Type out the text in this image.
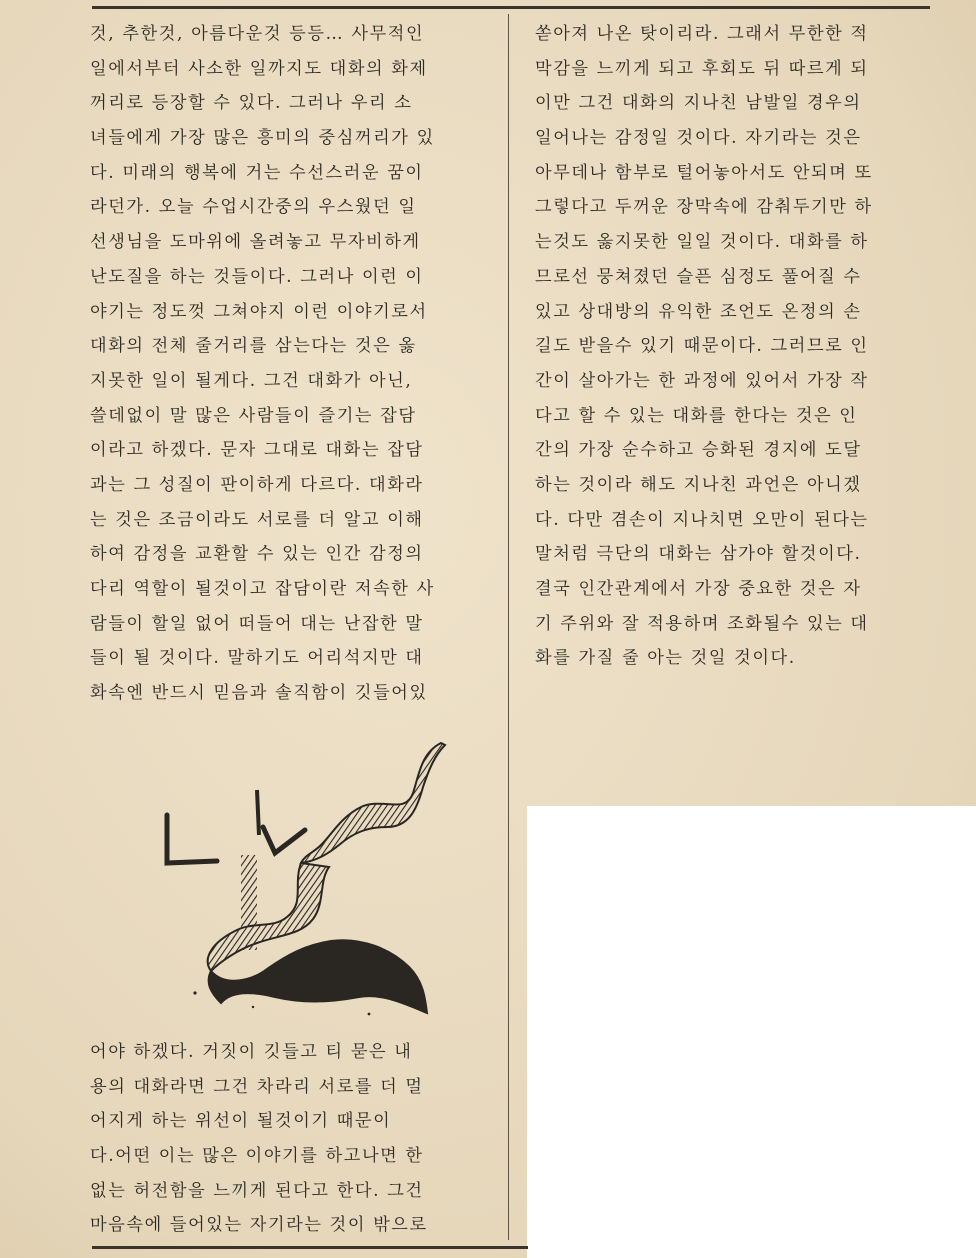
것, 추한것, 아름다운것 등등… 사무적인
일에서부터 사소한 일까지도 대화의 화제
꺼리로 등장할 수 있다. 그러나 우리 소
녀들에게 가장 많은 흥미의 중심꺼리가 있
다. 미래의 행복에 거는 수선스러운 꿈이
라던가. 오늘 수업시간중의 우스웠던 일
선생님을 도마위에 올려놓고 무자비하게
난도질을 하는 것들이다. 그러나 이런 이
야기는 정도껏 그쳐야지 이런 이야기로서
대화의 전체 줄거리를 삼는다는 것은 옳
지못한 일이 될게다. 그건 대화가 아닌,
쓸데없이 말 많은 사람들이 즐기는 잡담
이라고 하겠다. 문자 그대로 대화는 잡담
과는 그 성질이 판이하게 다르다. 대화라
는 것은 조금이라도 서로를 더 알고 이해
하여 감정을 교환할 수 있는 인간 감정의
다리 역할이 될것이고 잡담이란 저속한 사
람들이 할일 없어 떠들어 대는 난잡한 말
들이 될 것이다. 말하기도 어리석지만 대
화속엔 반드시 믿음과 솔직함이 깃들어있
어야 하겠다. 거짓이 깃들고 티 묻은 내
용의 대화라면 그건 차라리 서로를 더 멀
어지게 하는 위선이 될것이기 때문이
다.어떤 이는 많은 이야기를 하고나면 한
없는 허전함을 느끼게 된다고 한다. 그건
마음속에 들어있는 자기라는 것이 밖으로
쏟아져 나온 탓이리라. 그래서 무한한 적
막감을 느끼게 되고 후회도 뒤 따르게 되
이만 그건 대화의 지나친 남발일 경우의
일어나는 감정일 것이다. 자기라는 것은
아무데나 함부로 털어놓아서도 안되며 또
그렇다고 두꺼운 장막속에 감춰두기만 하
는것도 옳지못한 일일 것이다. 대화를 하
므로선 뭉쳐졌던 슬픈 심정도 풀어질 수
있고 상대방의 유익한 조언도 온정의 손
길도 받을수 있기 때문이다. 그러므로 인
간이 살아가는 한 과정에 있어서 가장 작
다고 할 수 있는 대화를 한다는 것은 인
간의 가장 순수하고 승화된 경지에 도달
하는 것이라 해도 지나친 과언은 아니겠
다. 다만 겸손이 지나치면 오만이 된다는
말처럼 극단의 대화는 삼가야 할것이다.
결국 인간관계에서 가장 중요한 것은 자
기 주위와 잘 적용하며 조화될수 있는 대
화를 가질 줄 아는 것일 것이다.
